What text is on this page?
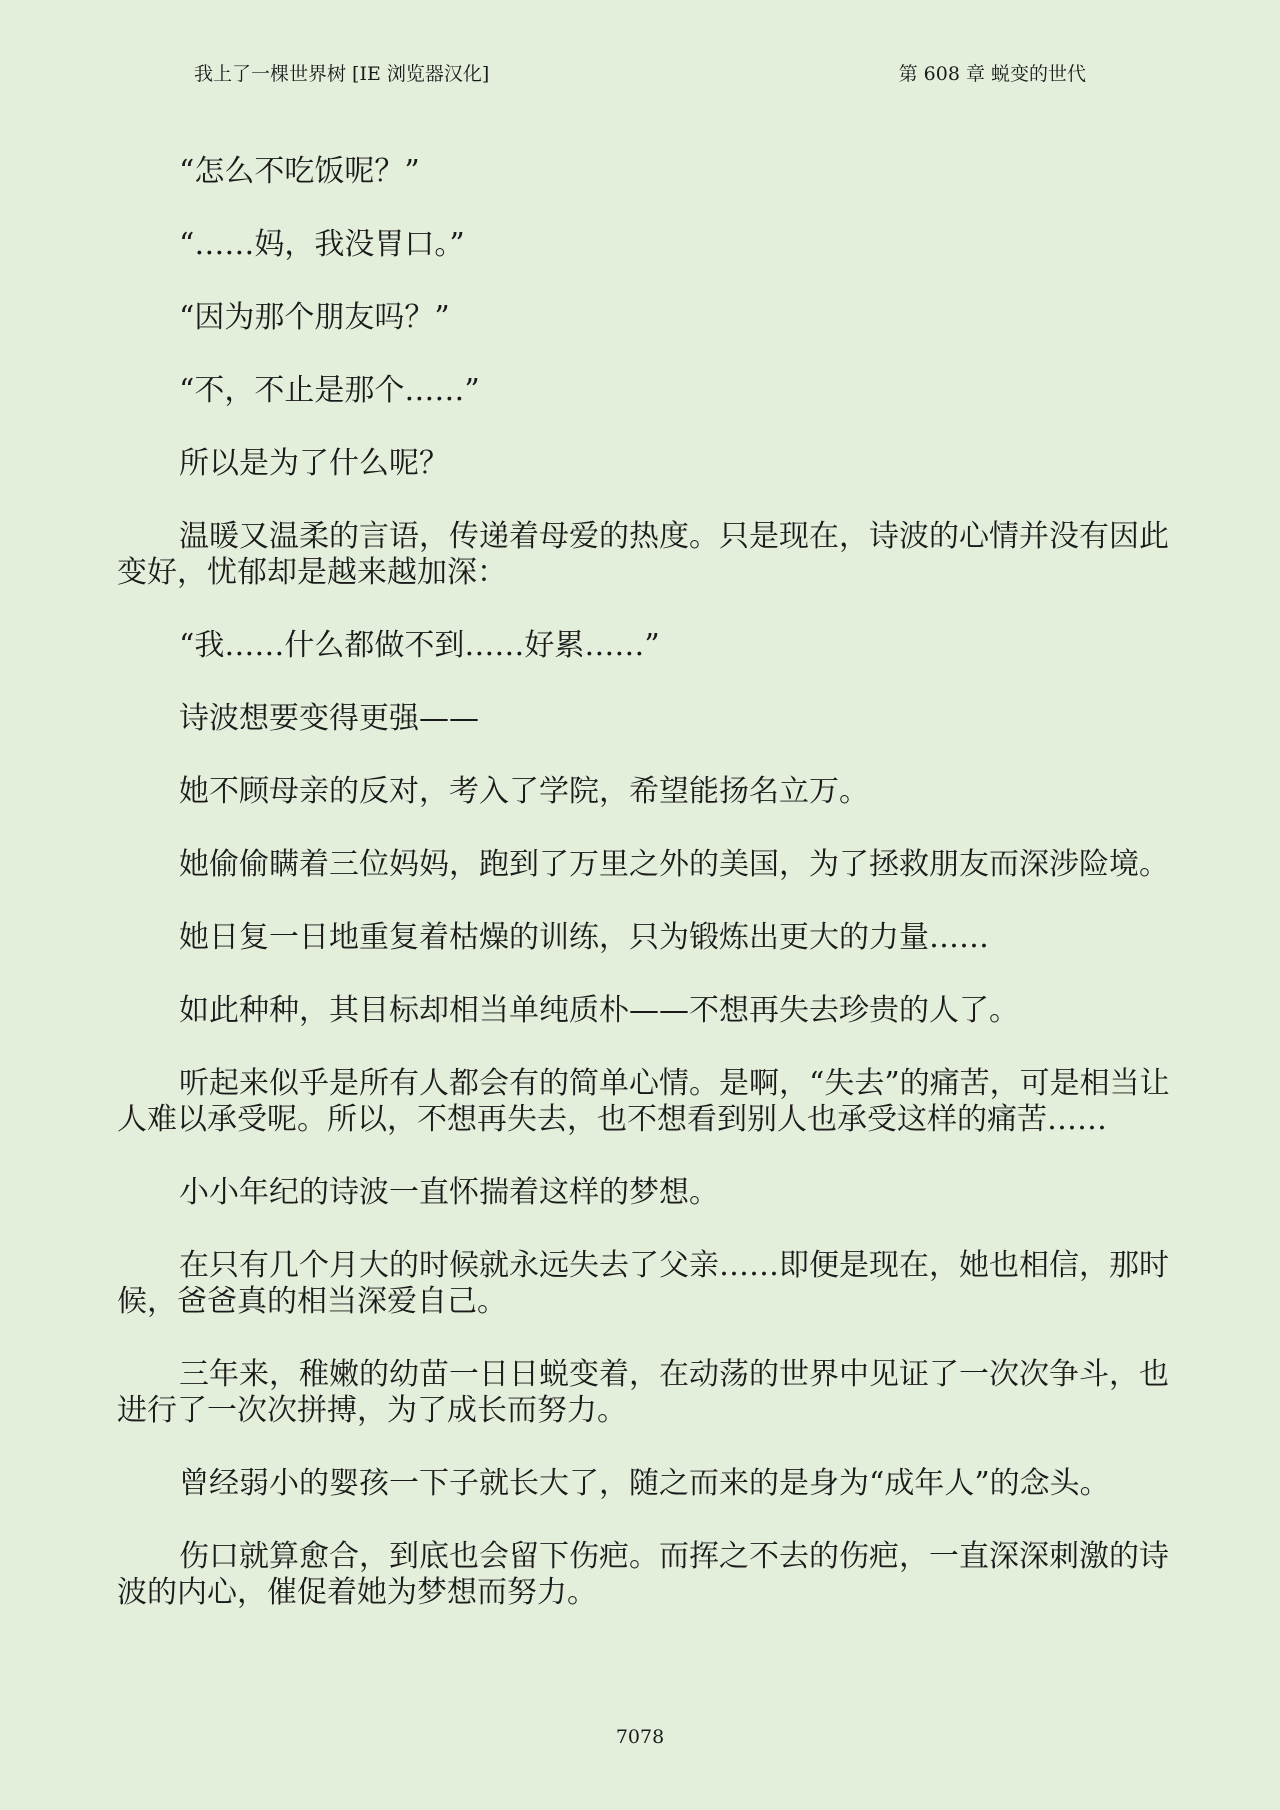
我上了一棵世界树 [IE 浏览器汉化]	第 608 章 蜕变的世代
“怎么不吃饭呢？”
“……妈，我没胃口。”
“因为那个朋友吗？”
“不，不止是那个……”
所以是为了什么呢？
温暖又温柔的言语，传递着母爱的热度。只是现在，诗波的心情并没有因此
变好，忧郁却是越来越加深：
“我……什么都做不到……好累……”
诗波想要变得更强——
她不顾母亲的反对，考入了学院，希望能扬名立万。
她偷偷瞒着三位妈妈，跑到了万里之外的美国，为了拯救朋友而深涉险境。
她日复一日地重复着枯燥的训练，只为锻炼出更大的力量……
如此种种，其目标却相当单纯质朴——不想再失去珍贵的人了。
听起来似乎是所有人都会有的简单心情。是啊，“失去”的痛苦，可是相当让
人难以承受呢。所以，不想再失去，也不想看到别人也承受这样的痛苦……
小小年纪的诗波一直怀揣着这样的梦想。
在只有几个月大的时候就永远失去了父亲……即便是现在，她也相信，那时
候，爸爸真的相当深爱自己。
三年来，稚嫩的幼苗一日日蜕变着，在动荡的世界中见证了一次次争斗，也
进行了一次次拼搏，为了成长而努力。
曾经弱小的婴孩一下子就长大了，随之而来的是身为“成年人”的念头。
伤口就算愈合，到底也会留下伤疤。而挥之不去的伤疤，一直深深刺激的诗
波的内心，催促着她为梦想而努力。
7078
